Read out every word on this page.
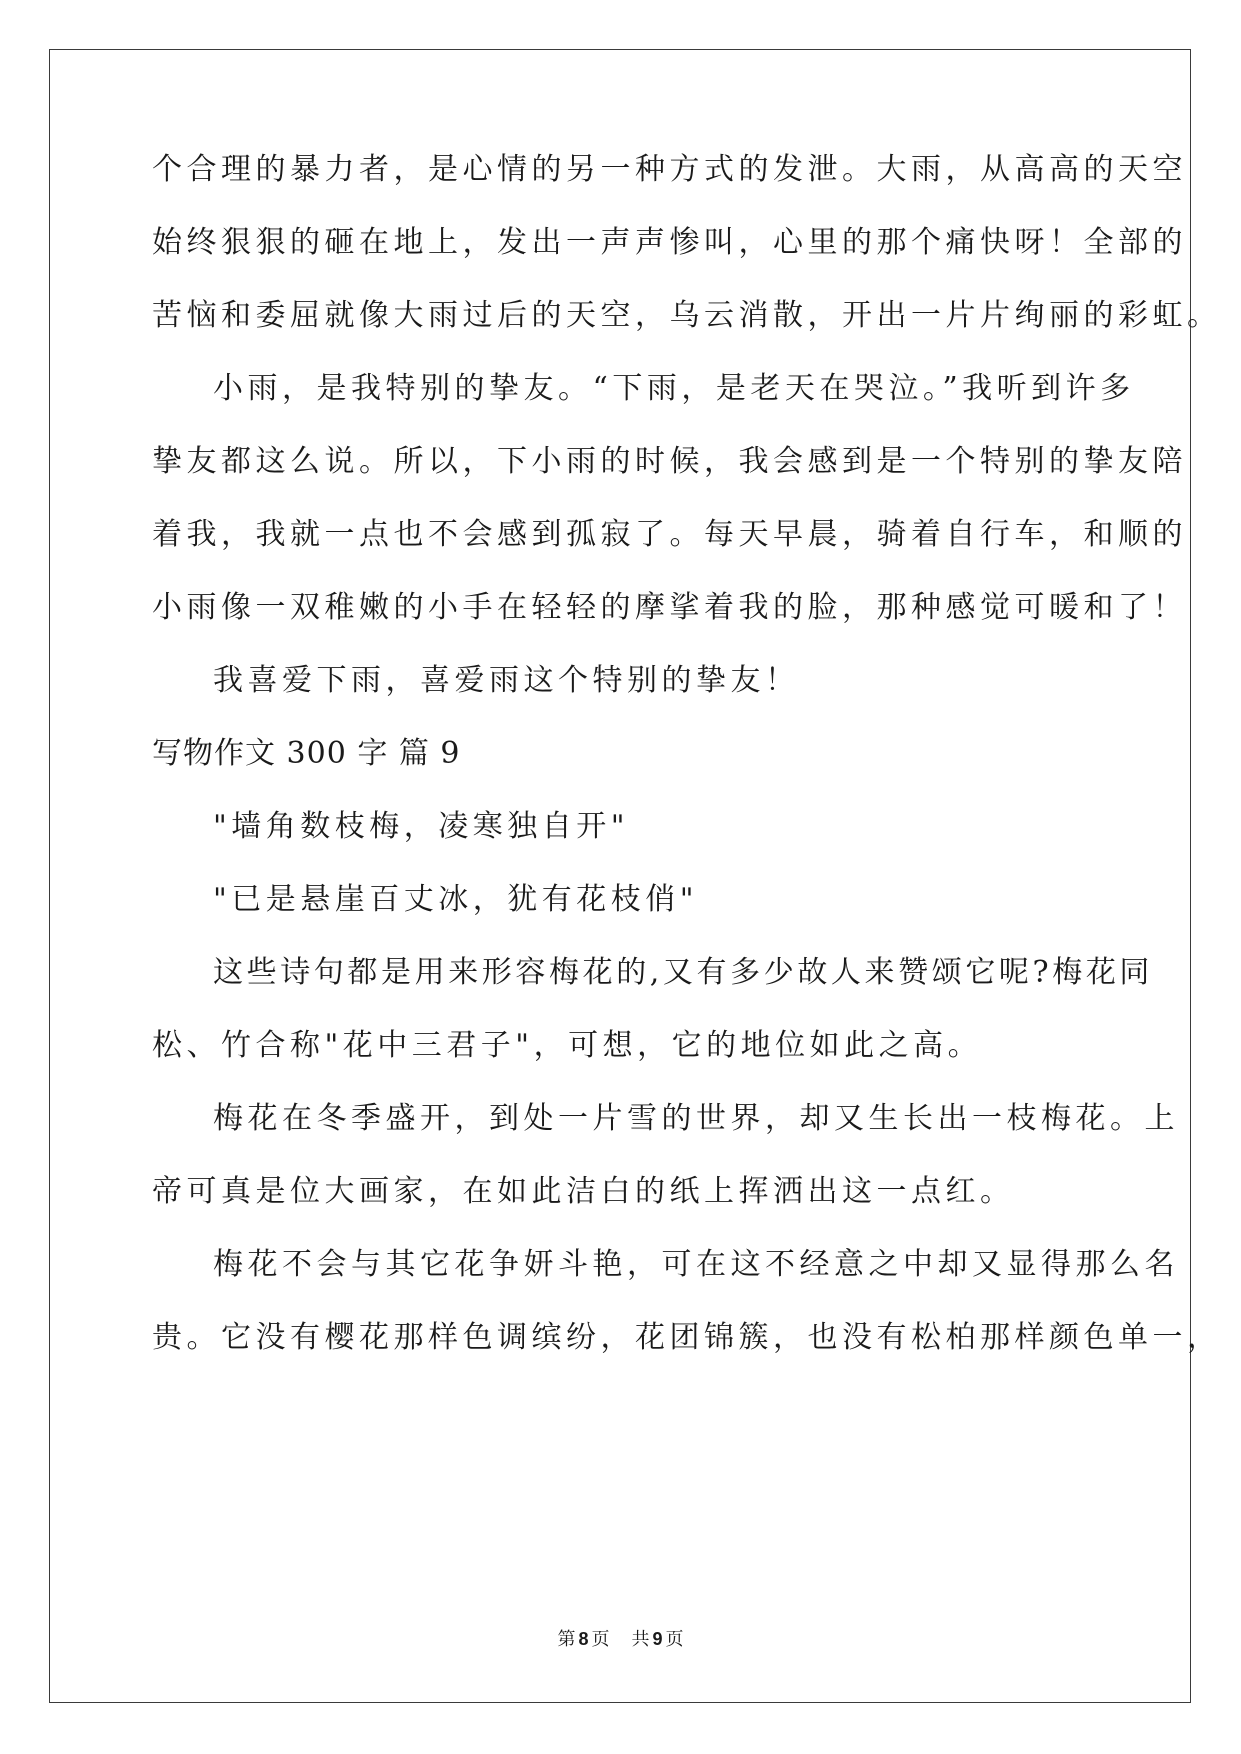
个合理的暴力者，是心情的另一种方式的发泄。大雨，从高高的天空
始终狠狠的砸在地上，发出一声声惨叫，心里的那个痛快呀！全部的
苦恼和委屈就像大雨过后的天空，乌云消散，开出一片片绚丽的彩虹。
小雨，是我特别的挚友。“下雨，是老天在哭泣。”我听到许多
挚友都这么说。所以，下小雨的时候，我会感到是一个特别的挚友陪
着我，我就一点也不会感到孤寂了。每天早晨，骑着自行车，和顺的
小雨像一双稚嫩的小手在轻轻的摩挲着我的脸，那种感觉可暖和了！
我喜爱下雨，喜爱雨这个特别的挚友！
写物作文 300 字 篇 9
"墙角数枝梅，凌寒独自开"
"已是悬崖百丈冰，犹有花枝俏"
这些诗句都是用来形容梅花的,又有多少故人来赞颂它呢?梅花同
松、竹合称"花中三君子"，可想，它的地位如此之高。
梅花在冬季盛开，到处一片雪的世界，却又生长出一枝梅花。上
帝可真是位大画家，在如此洁白的纸上挥洒出这一点红。
梅花不会与其它花争妍斗艳，可在这不经意之中却又显得那么名
贵。它没有樱花那样色调缤纷，花团锦簇，也没有松柏那样颜色单一，
第 8 页 共 9 页
